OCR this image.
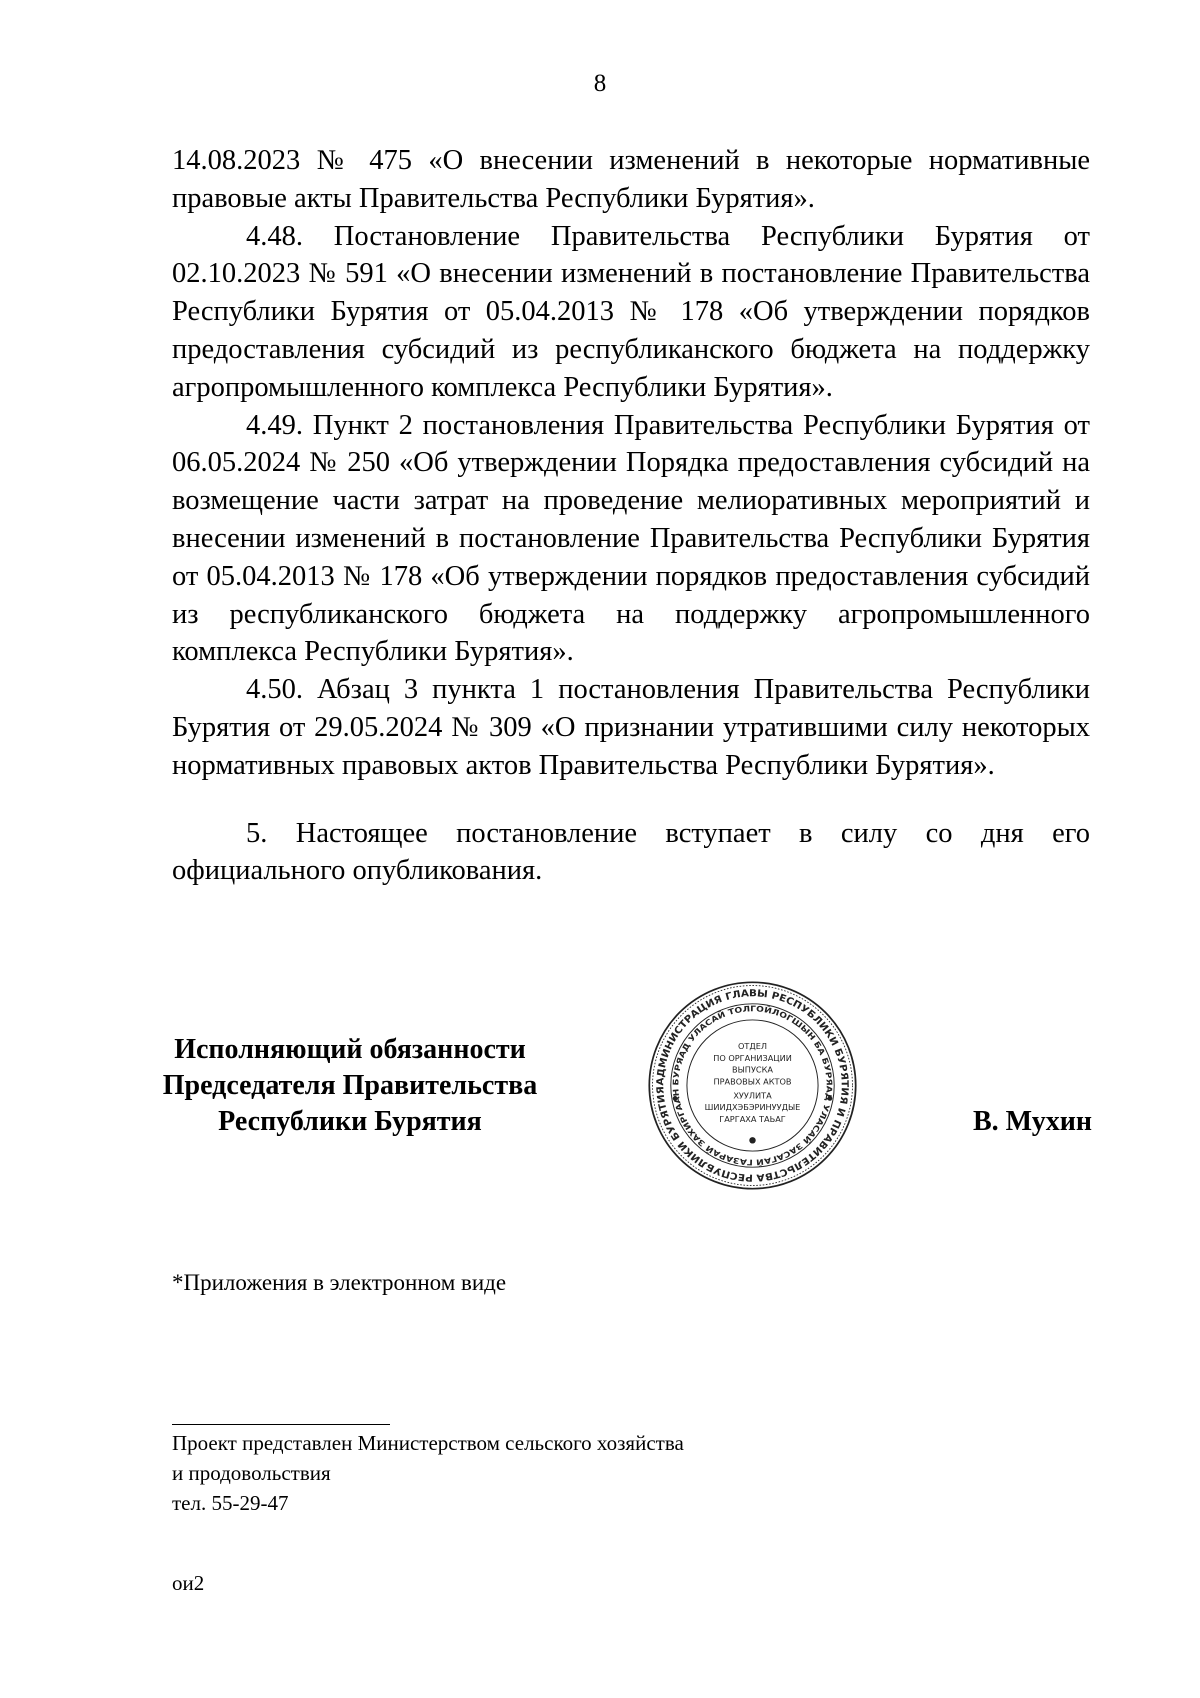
8

14.08.2023 № 475 «О внесении изменений в некоторые нормативные правовые акты Правительства Республики Бурятия».

4.48. Постановление Правительства Республики Бурятия от 02.10.2023 № 591 «О внесении изменений в постановление Правительства Республики Бурятия от 05.04.2013 № 178 «Об утверждении порядков предоставления субсидий из республиканского бюджета на поддержку агропромышленного комплекса Республики Бурятия».

4.49. Пункт 2 постановления Правительства Республики Бурятия от 06.05.2024 № 250 «Об утверждении Порядка предоставления субсидий на возмещение части затрат на проведение мелиоративных мероприятий и внесении изменений в постановление Правительства Республики Бурятия от 05.04.2013 № 178 «Об утверждении порядков предоставления субсидий из республиканского бюджета на поддержку агропромышленного комплекса Республики Бурятия».

4.50. Абзац 3 пункта 1 постановления Правительства Республики Бурятия от 29.05.2024 № 309 «О признании утратившими силу некоторых нормативных правовых актов Правительства Республики Бурятия».

5. Настоящее постановление вступает в силу со дня его официального опубликования.

Исполняющий обязанности
Председателя Правительства
Республики Бурятия
АДМИНИСТРАЦИЯ ГЛАВЫ РЕСПУБЛИКИ БУРЯТИЯ И ПРАВИТЕЛЬСТВА РЕСПУБЛИКИ БУРЯТИЯ
БУРЯАД УЛАСАЙ ТОЛГОЙЛОГШЫН БА БУРЯАД УЛАСАЙ ЗАСАГАЙ ГАЗАРАЙ ЗАХИРГААН
ОТДЕЛ
ПО ОРГАНИЗАЦИИ
ВЫПУСКА
ПРАВОВЫХ АКТОВ
ХУУЛИТА
ШИИДХЭБЭРИНУУДЫЕ
ГАРГАХА ТАЬАГ	В. Мухин
*Приложения в электронном виде
Проект представлен Министерством сельского хозяйства
и продовольствия
тел. 55-29-47
ои2
